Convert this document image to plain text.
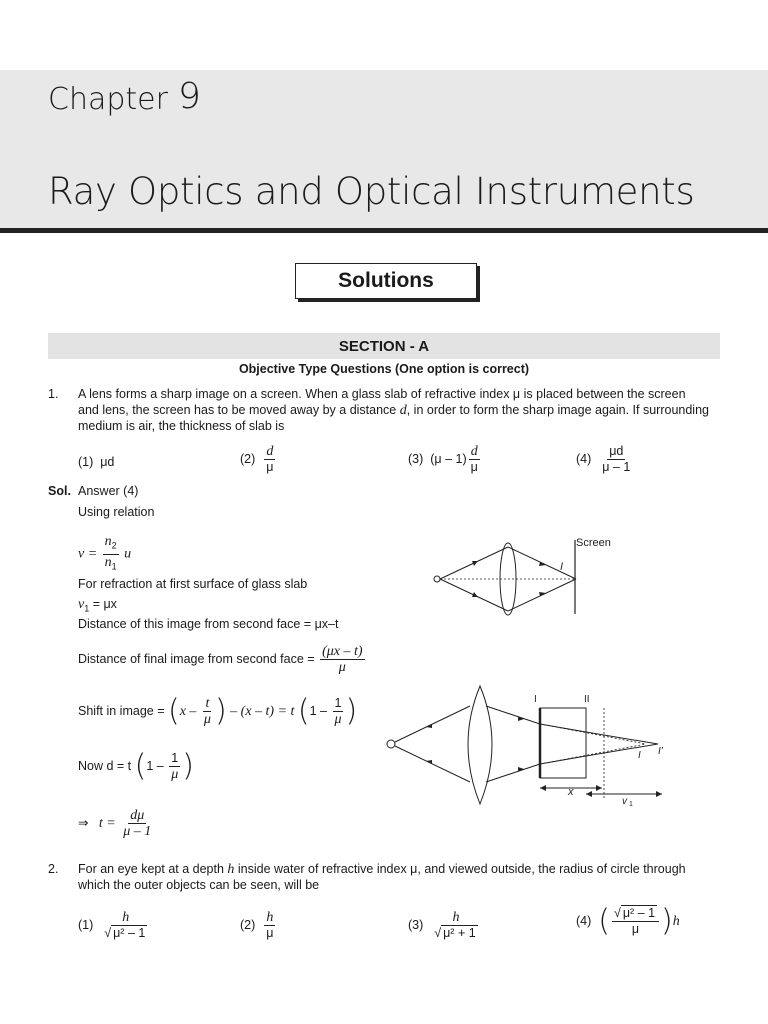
Chapter 9
Ray Optics and Optical Instruments
Solutions
SECTION - A
Objective Type Questions (One option is correct)
1. A lens forms a sharp image on a screen. When a glass slab of refractive index μ is placed between the screen
and lens, the screen has to be moved away by a distance d, in order to form the sharp image again. If surrounding
medium is air, the thickness of slab is
(1) μd	$(2) \frac{d}{\mu}$	(3) $(\mu - 1) \frac{d}{\mu}$	$(4) \frac{\mu d}{\mu - 1}$
Sol. Answer (4)
Using relation
$v = \frac{n_2}{n_1}$ u
For refraction at first surface of glass slab
$v_1 = \mu x$
Distance of this image from second face = μx–t
Distance of final image from second face = $\frac{(\mu x - t)}{\mu}$
Shift in image = ($x - \frac{t}{\mu}$ ) – (x – t) = t ($1 - \frac{1}{\mu}$ )
Now d = t ($1 - \frac{1}{\mu}$ )
⇒ $t = \frac{d\mu}{\mu - 1}$
Screen
I
I	II
I I'
x
v 1
2. For an eye kept at a depth h inside water of refractive index μ, and viewed outside, the radius of circle through
which the outer objects can be seen, will be
$(1) \frac{h}{\text{√ μ² – 1}}$	$(2) \frac{h}{\mu}$	$(3) \frac{h}{\text{√ μ² + 1}}$	(4) ( $\frac{\text{√ μ² – 1}}{\mu} )h$
